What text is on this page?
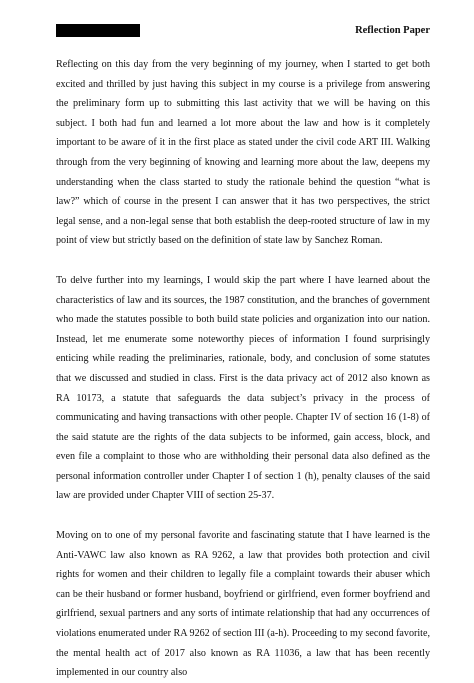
Reflection Paper

Reflecting on this day from the very beginning of my journey, when I started to get both excited and thrilled by just having this subject in my course is a privilege from answering the preliminary form up to submitting this last activity that we will be having on this subject. I both had fun and learned a lot more about the law and how is it completely important to be aware of it in the first place as stated under the civil code ART III. Walking through from the very beginning of knowing and learning more about the law, deepens my understanding when the class started to study the rationale behind the question “what is law?” which of course in the present I can answer that it has two perspectives, the strict legal sense, and a non-legal sense that both establish the deep-rooted structure of law in my point of view but strictly based on the definition of state law by Sanchez Roman.

To delve further into my learnings, I would skip the part where I have learned about the characteristics of law and its sources, the 1987 constitution, and the branches of government who made the statutes possible to both build state policies and organization into our nation. Instead, let me enumerate some noteworthy pieces of information I found surprisingly enticing while reading the preliminaries, rationale, body, and conclusion of some statutes that we discussed and studied in class. First is the data privacy act of 2012 also known as RA 10173, a statute that safeguards the data subject’s privacy in the process of communicating and having transactions with other people. Chapter IV of section 16 (1-8) of the said statute are the rights of the data subjects to be informed, gain access, block, and even file a complaint to those who are withholding their personal data also defined as the personal information controller under Chapter I of section 1 (h), penalty clauses of the said law are provided under Chapter VIII of section 25-37.

Moving on to one of my personal favorite and fascinating statute that I have learned is the Anti-VAWC law also known as RA 9262, a law that provides both protection and civil rights for women and their children to legally file a complaint towards their abuser which can be their husband or former husband, boyfriend or girlfriend, even former boyfriend and girlfriend, sexual partners and any sorts of intimate relationship that had any occurrences of violations enumerated under RA 9262 of section III (a-h). Proceeding to my second favorite, the mental health act of 2017 also known as RA 11036, a law that has been recently implemented in our country also
